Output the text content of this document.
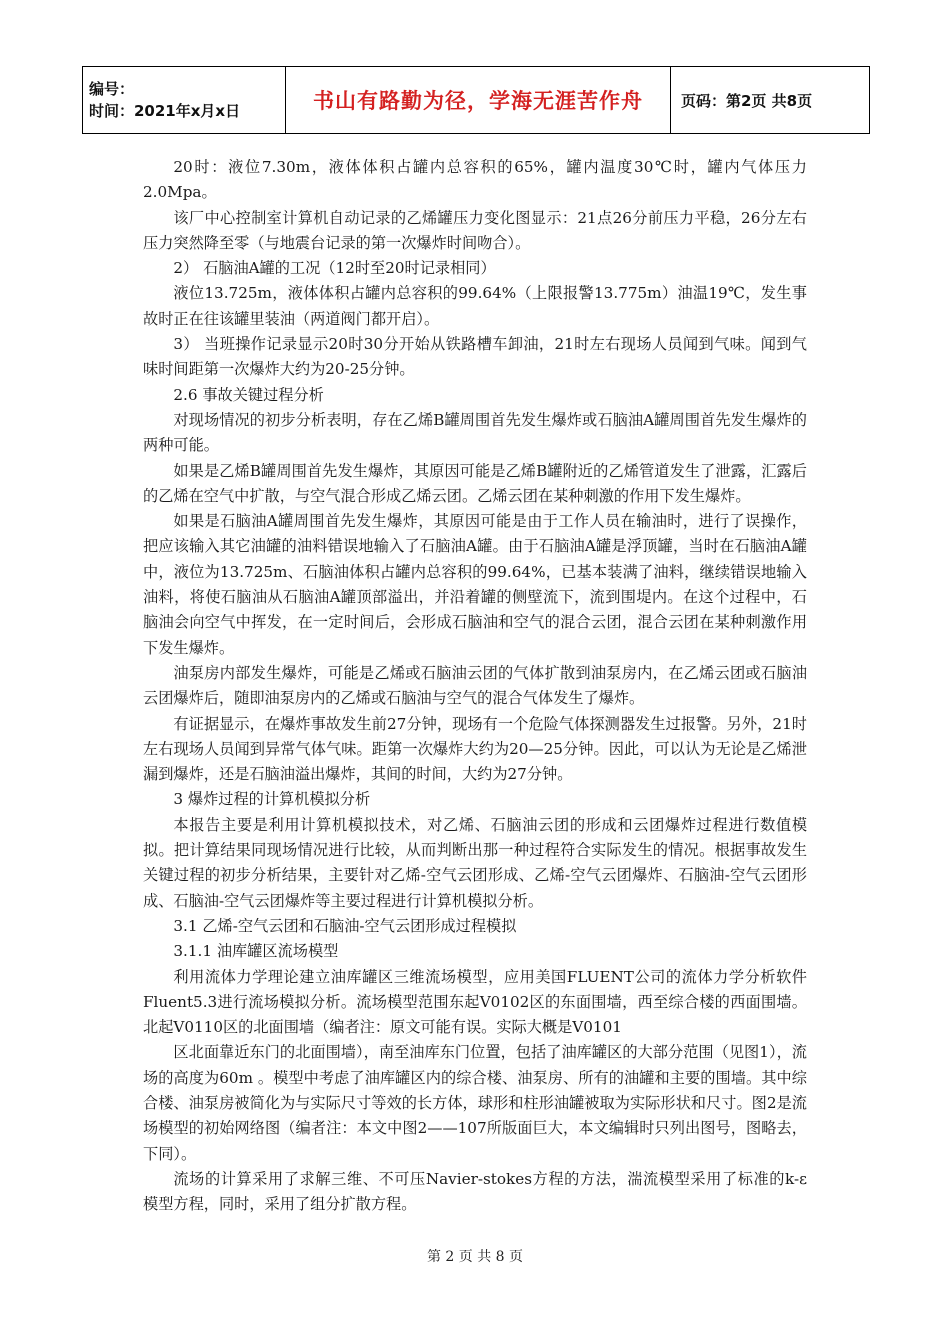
编号：
时间：2021年x月x日	书山有路勤为径，学海无涯苦作舟	页码：第2页 共8页

20时：液位7.30m，液体体积占罐内总容积的65%，罐内温度30℃时，罐内气体压力2.0Mpa。

该厂中心控制室计算机自动记录的乙烯罐压力变化图显示：21点26分前压力平稳，26分左右压力突然降至零（与地震台记录的第一次爆炸时间吻合）。

2） 石脑油A罐的工况（12时至20时记录相同）

液位13.725m，液体体积占罐内总容积的99.64%（上限报警13.775m）油温19℃，发生事故时正在往该罐里装油（两道阀门都开启）。

3） 当班操作记录显示20时30分开始从铁路槽车卸油，21时左右现场人员闻到气味。闻到气味时间距第一次爆炸大约为20-25分钟。

2.6 事故关键过程分析

对现场情况的初步分析表明，存在乙烯B罐周围首先发生爆炸或石脑油A罐周围首先发生爆炸的两种可能。

如果是乙烯B罐周围首先发生爆炸，其原因可能是乙烯B罐附近的乙烯管道发生了泄露，汇露后的乙烯在空气中扩散，与空气混合形成乙烯云团。乙烯云团在某种刺激的作用下发生爆炸。

如果是石脑油A罐周围首先发生爆炸，其原因可能是由于工作人员在输油时，进行了误操作，把应该输入其它油罐的油料错误地输入了石脑油A罐。由于石脑油A罐是浮顶罐，当时在石脑油A罐中，液位为13.725m、石脑油体积占罐内总容积的99.64%，已基本装满了油料，继续错误地输入油料，将使石脑油从石脑油A罐顶部溢出，并沿着罐的侧壁流下，流到围堤内。在这个过程中，石脑油会向空气中挥发，在一定时间后，会形成石脑油和空气的混合云团，混合云团在某种刺激作用下发生爆炸。

油泵房内部发生爆炸，可能是乙烯或石脑油云团的气体扩散到油泵房内，在乙烯云团或石脑油云团爆炸后，随即油泵房内的乙烯或石脑油与空气的混合气体发生了爆炸。

有证据显示，在爆炸事故发生前27分钟，现场有一个危险气体探测器发生过报警。另外，21时左右现场人员闻到异常气体气味。距第一次爆炸大约为20—25分钟。因此，可以认为无论是乙烯泄漏到爆炸，还是石脑油溢出爆炸，其间的时间，大约为27分钟。

3 爆炸过程的计算机模拟分析

本报告主要是利用计算机模拟技术，对乙烯、石脑油云团的形成和云团爆炸过程进行数值模拟。把计算结果同现场情况进行比较，从而判断出那一种过程符合实际发生的情况。根据事故发生关键过程的初步分析结果，主要针对乙烯-空气云团形成、乙烯-空气云团爆炸、石脑油-空气云团形成、石脑油-空气云团爆炸等主要过程进行计算机模拟分析。

3.1 乙烯-空气云团和石脑油-空气云团形成过程模拟

3.1.1 油库罐区流场模型

利用流体力学理论建立油库罐区三维流场模型，应用美国FLUENT公司的流体力学分析软件Fluent5.3进行流场模拟分析。流场模型范围东起V0102区的东面围墙，西至综合楼的西面围墙。北起V0110区的北面围墙（编者注：原文可能有误。实际大概是V0101

区北面靠近东门的北面围墙），南至油库东门位置，包括了油库罐区的大部分范围（见图1），流场的高度为60m 。模型中考虑了油库罐区内的综合楼、油泵房、所有的油罐和主要的围墙。其中综合楼、油泵房被简化为与实际尺寸等效的长方体，球形和柱形油罐被取为实际形状和尺寸。图2是流场模型的初始网络图（编者注：本文中图2——107所版面巨大，本文编辑时只列出图号，图略去，下同）。

流场的计算采用了求解三维、不可压Navier-stokes方程的方法，湍流模型采用了标准的k-ε 模型方程，同时，采用了组分扩散方程。

第 2 页 共 8 页
